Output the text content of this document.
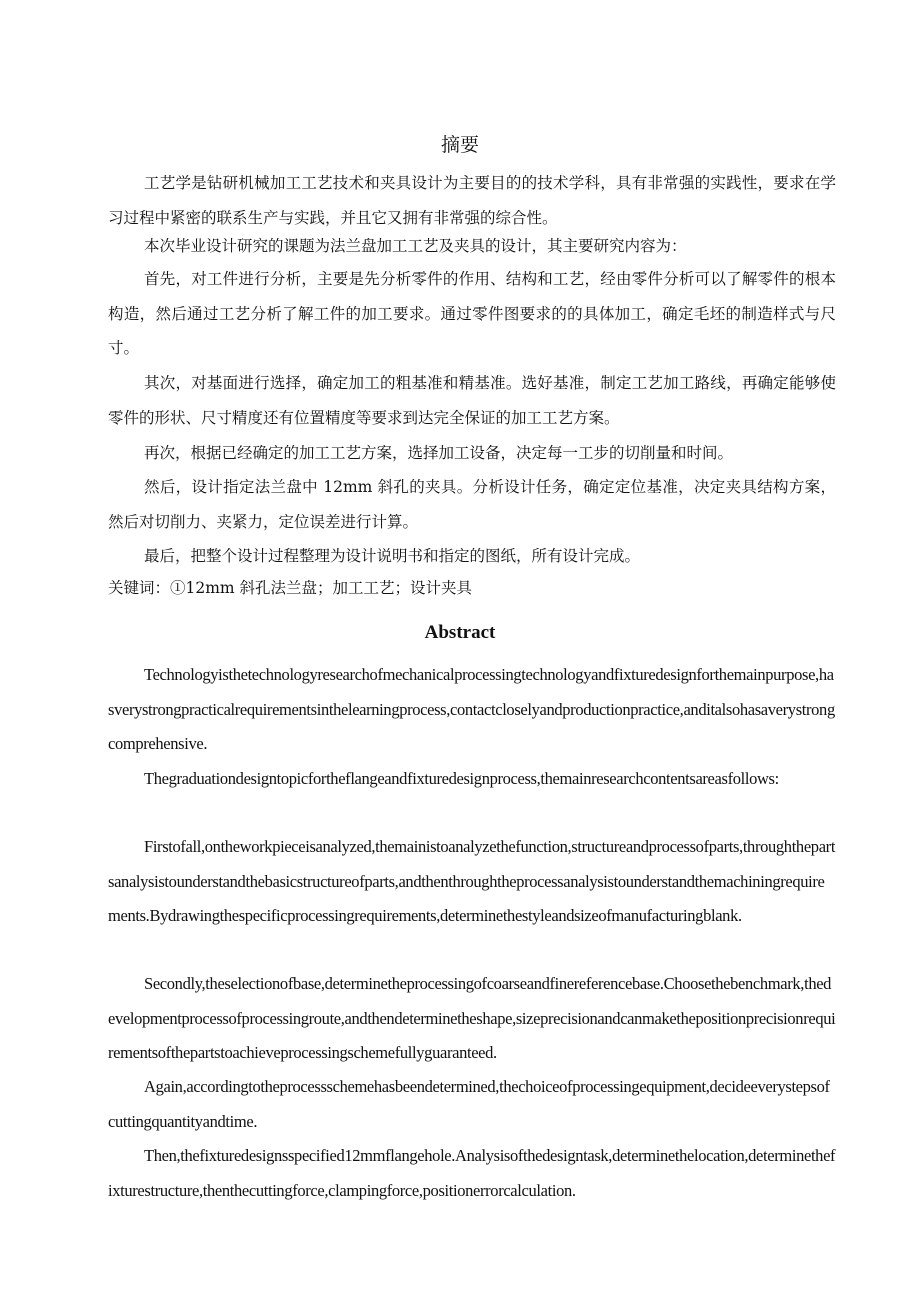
摘要

工艺学是钻研机械加工工艺技术和夹具设计为主要目的的技术学科，具有非常强的实践性，要求在学习过程中紧密的联系生产与实践，并且它又拥有非常强的综合性。

本次毕业设计研究的课题为法兰盘加工工艺及夹具的设计，其主要研究内容为：

首先，对工件进行分析，主要是先分析零件的作用、结构和工艺，经由零件分析可以了解零件的根本构造，然后通过工艺分析了解工件的加工要求。通过零件图要求的的具体加工，确定毛坯的制造样式与尺寸。

其次，对基面进行选择，确定加工的粗基准和精基准。选好基准，制定工艺加工路线，再确定能够使零件的形状、尺寸精度还有位置精度等要求到达完全保证的加工工艺方案。

再次，根据已经确定的加工工艺方案，选择加工设备，决定每一工步的切削量和时间。

然后，设计指定法兰盘中 12mm 斜孔的夹具。分析设计任务，确定定位基准，决定夹具结构方案，然后对切削力、夹紧力，定位误差进行计算。

最后，把整个设计过程整理为设计说明书和指定的图纸，所有设计完成。

关键词：①12mm 斜孔法兰盘；加工工艺；设计夹具

Abstract

Technologyisthetechnologyresearchofmechanicalprocessingtechnologyandfixturedesignforthemainpurpose,hasverystrongpracticalrequirementsinthelearningprocess,contactcloselyandproductionpractice,anditalsohasaverystrongcomprehensive.

Thegraduationdesigntopicfortheflangeandfixturedesignprocess,themainresearchcontentsareasfollows:

Firstofall,ontheworkpieceisanalyzed,themainistoanalyzethefunction,structureandprocessofparts,throughthepartsanalysistounderstandthebasicstructureofparts,andthenthroughtheprocessanalysistounderstandthemachiningrequirements.Bydrawingthespecificprocessingrequirements,determinethestyleandsizeofmanufacturingblank.

Secondly,theselectionofbase,determinetheprocessingofcoarseandfinereferencebase.Choosethebenchmark,thedevelopmentprocessofprocessingroute,andthendeterminetheshape,sizeprecisionandcanmakethepositionprecisionrequirementsofthepartstoachieveprocessingschemefullyguaranteed.

Again,accordingtotheprocessschemehasbeendetermined,thechoiceofprocessingequipment,decideeverystepsofcuttingquantityandtime.

Then,thefixturedesignsspecified12mmflangehole.Analysisofthedesigntask,determinethelocation,determinethefixturestructure,thenthecuttingforce,clampingforce,positionerrorcalculation.
